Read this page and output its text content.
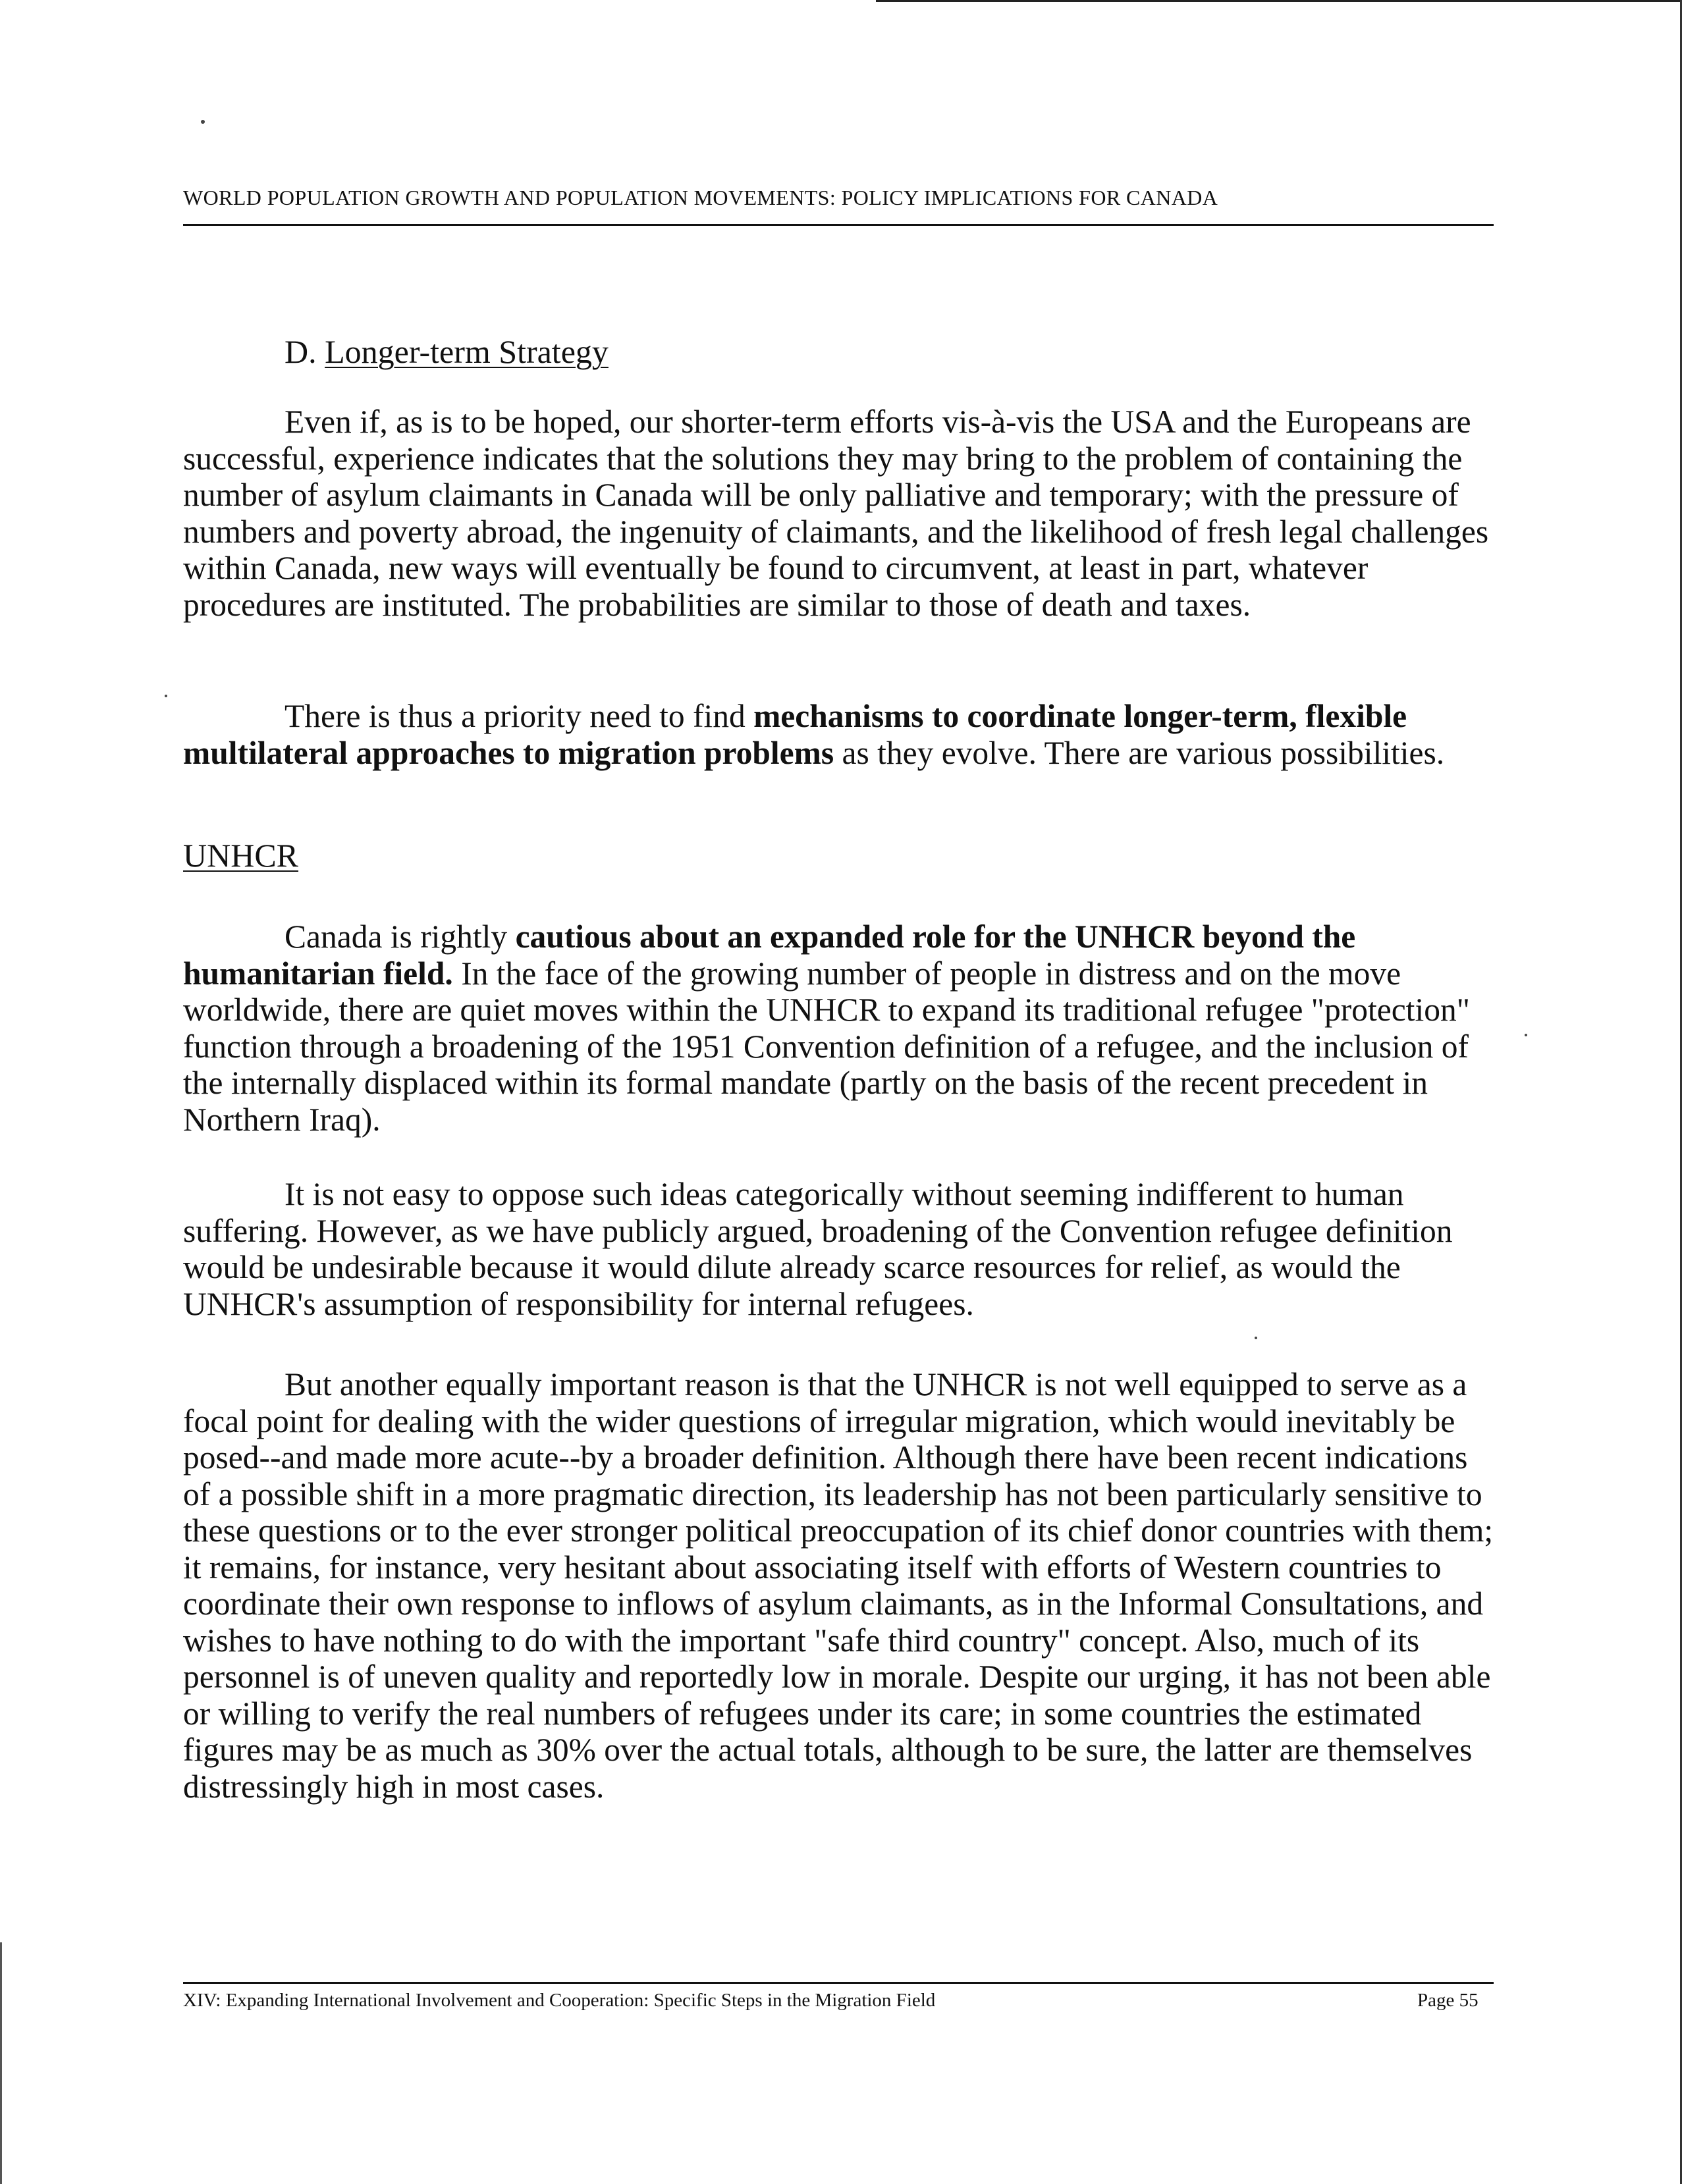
WORLD POPULATION GROWTH AND POPULATION MOVEMENTS: POLICY IMPLICATIONS FOR CANADA
D. Longer-term Strategy

Even if, as is to be hoped, our shorter-term efforts vis-à-vis the USA and the Europeans are successful, experience indicates that the solutions they may bring to the problem of containing the number of asylum claimants in Canada will be only palliative and temporary; with the pressure of numbers and poverty abroad, the ingenuity of claimants, and the likelihood of fresh legal challenges within Canada, new ways will eventually be found to circumvent, at least in part, whatever procedures are instituted. The probabilities are similar to those of death and taxes.

There is thus a priority need to find mechanisms to coordinate longer-term, flexible multilateral approaches to migration problems as they evolve. There are various possibilities.

UNHCR

Canada is rightly cautious about an expanded role for the UNHCR beyond the humanitarian field. In the face of the growing number of people in distress and on the move worldwide, there are quiet moves within the UNHCR to expand its traditional refugee "protection" function through a broadening of the 1951 Convention definition of a refugee, and the inclusion of the internally displaced within its formal mandate (partly on the basis of the recent precedent in Northern Iraq).

It is not easy to oppose such ideas categorically without seeming indifferent to human suffering. However, as we have publicly argued, broadening of the Convention refugee definition would be undesirable because it would dilute already scarce resources for relief, as would the UNHCR's assumption of responsibility for internal refugees.

But another equally important reason is that the UNHCR is not well equipped to serve as a focal point for dealing with the wider questions of irregular migration, which would inevitably be posed--and made more acute--by a broader definition. Although there have been recent indications of a possible shift in a more pragmatic direction, its leadership has not been particularly sensitive to these questions or to the ever stronger political preoccupation of its chief donor countries with them; it remains, for instance, very hesitant about associating itself with efforts of Western countries to coordinate their own response to inflows of asylum claimants, as in the Informal Consultations, and wishes to have nothing to do with the important "safe third country" concept. Also, much of its personnel is of uneven quality and reportedly low in morale. Despite our urging, it has not been able or willing to verify the real numbers of refugees under its care; in some countries the estimated figures may be as much as 30% over the actual totals, although to be sure, the latter are themselves distressingly high in most cases.

XIV: Expanding International Involvement and Cooperation: Specific Steps in the Migration Field	Page 55
